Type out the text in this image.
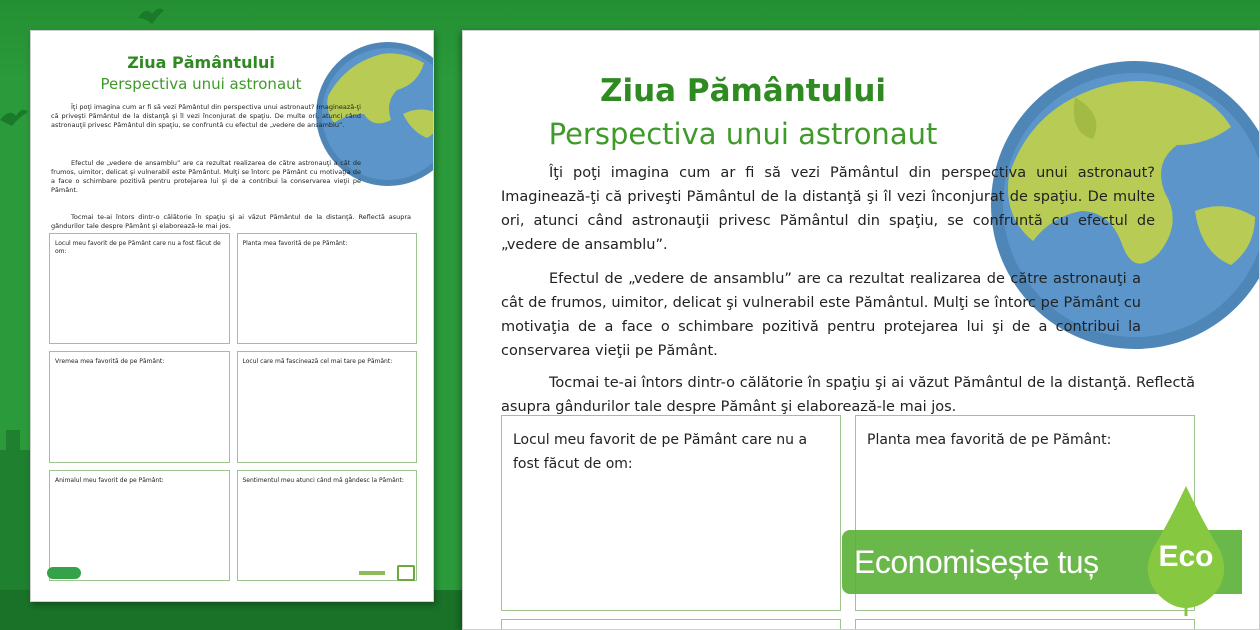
Ziua Pământului
Perspectiva unui astronaut
Îţi poţi imagina cum ar fi să vezi Pământul din perspectiva unui astronaut? Imaginează-ţi că priveşti Pământul de la distanţă şi îl vezi înconjurat de spaţiu. De multe ori, atunci când astronauţii privesc Pământul din spaţiu, se confruntă cu efectul de „vedere de ansamblu”.
Efectul de „vedere de ansamblu” are ca rezultat realizarea de către astronauţi a cât de frumos, uimitor, delicat şi vulnerabil este Pământul. Mulţi se întorc pe Pământ cu motivaţia de a face o schimbare pozitivă pentru protejarea lui şi de a contribui la conservarea vieţii pe Pământ.
Tocmai te-ai întors dintr-o călătorie în spaţiu şi ai văzut Pământul de la distanţă. Reflectă asupra gândurilor tale despre Pământ şi elaborează-le mai jos.
Locul meu favorit de pe Pământ care nu a fost făcut de om:
Planta mea favorită de pe Pământ:
Vremea mea favorită de pe Pământ:	Locul care mă fascinează cel mai tare pe Pământ:
Animalul meu favorit de pe Pământ:	Sentimentul meu atunci când mă gândesc la Pământ:
Ziua Pământului
Perspectiva unui astronaut
Îţi poţi imagina cum ar fi să vezi Pământul din perspectiva unui astronaut? Imaginează-ţi că priveşti Pământul de la distanţă şi îl vezi înconjurat de spaţiu. De multe ori, atunci când astronauţii privesc Pământul din spaţiu, se confruntă cu efectul de „vedere de ansamblu”.
Efectul de „vedere de ansamblu” are ca rezultat realizarea de către astronauţi a cât de frumos, uimitor, delicat şi vulnerabil este Pământul. Mulţi se întorc pe Pământ cu motivaţia de a face o schimbare pozitivă pentru protejarea lui şi de a contribui la conservarea vieţii pe Pământ.
Tocmai te-ai întors dintr-o călătorie în spaţiu şi ai văzut Pământul de la distanţă. Reflectă asupra gândurilor tale despre Pământ şi elaborează-le mai jos.
Locul meu favorit de pe Pământ care nu a fost făcut de om:
Planta mea favorită de pe Pământ:
Economisește tuș	Eco
